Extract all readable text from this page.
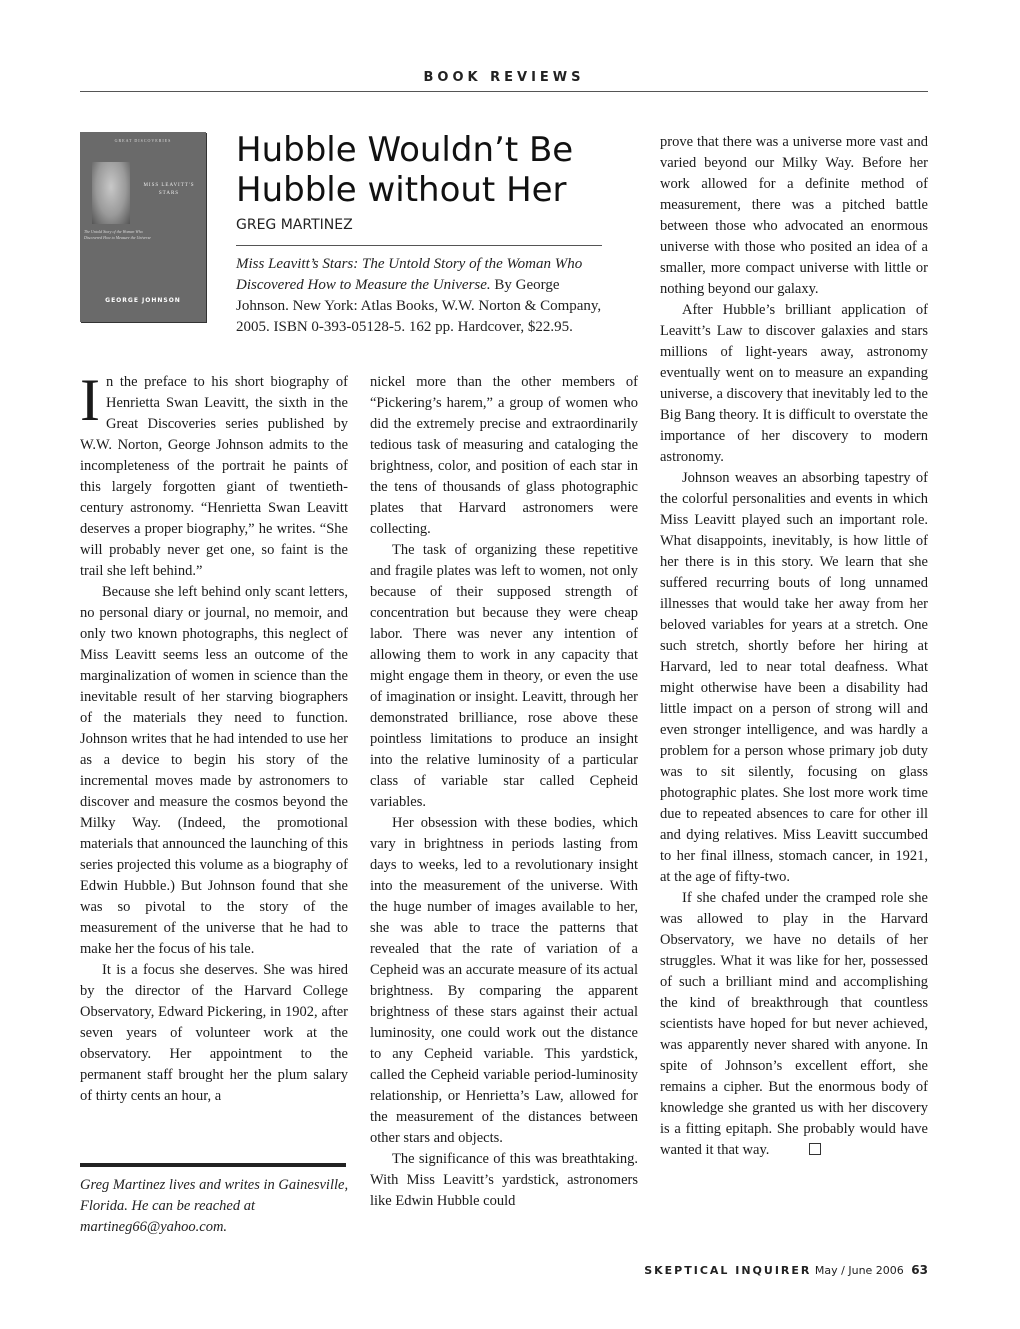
BOOK REVIEWS
GREAT DISCOVERIES
MISS LEAVITT'S STARS
The Untold Story of the Woman Who Discovered How to Measure the Universe
GEORGE JOHNSON
Hubble Wouldn’t Be Hubble without Her
GREG MARTINEZ
Miss Leavitt’s Stars: The Untold Story of the Woman Who Discovered How to Measure the Universe. By George Johnson. New York: Atlas Books, W.W. Norton & Company, 2005. ISBN 0-393-05128-5. 162 pp. Hardcover, $22.95.

In the preface to his short biography of Henrietta Swan Leavitt, the sixth in the Great Discoveries series published by W.W. Norton, George Johnson admits to the incompleteness of the portrait he paints of this largely forgotten giant of twentieth-century astronomy. “Henrietta Swan Leavitt deserves a proper biography,” he writes. “She will probably never get one, so faint is the trail she left behind.”

Because she left behind only scant letters, no personal diary or journal, no memoir, and only two known photographs, this neglect of Miss Leavitt seems less an outcome of the marginalization of women in science than the inevitable result of her starving biographers of the materials they need to function. Johnson writes that he had intended to use her as a device to begin his story of the incremental moves made by astronomers to discover and measure the cosmos beyond the Milky Way. (Indeed, the promotional materials that announced the launching of this series projected this volume as a biography of Edwin Hubble.) But Johnson found that she was so pivotal to the story of the measurement of the universe that he had to make her the focus of his tale.

It is a focus she deserves. She was hired by the director of the Harvard College Observatory, Edward Pickering, in 1902, after seven years of volunteer work at the observatory. Her appointment to the permanent staff brought her the plum salary of thirty cents an hour, a

Greg Martinez lives and writes in Gainesville, Florida. He can be reached at martineg66@yahoo.com.

nickel more than the other members of “Pickering’s harem,” a group of women who did the extremely precise and extraordinarily tedious task of measuring and cataloging the brightness, color, and position of each star in the tens of thousands of glass photographic plates that Harvard astronomers were collecting.

The task of organizing these repetitive and fragile plates was left to women, not only because of their supposed strength of concentration but because they were cheap labor. There was never any intention of allowing them to work in any capacity that might engage them in theory, or even the use of imagination or insight. Leavitt, through her demonstrated brilliance, rose above these pointless limitations to produce an insight into the relative luminosity of a particular class of variable star called Cepheid variables.

Her obsession with these bodies, which vary in brightness in periods lasting from days to weeks, led to a revolutionary insight into the measurement of the universe. With the huge number of images available to her, she was able to trace the patterns that revealed that the rate of variation of a Cepheid was an accurate measure of its actual brightness. By comparing the apparent brightness of these stars against their actual luminosity, one could work out the distance to any Cepheid variable. This yardstick, called the Cepheid variable period-luminosity relationship, or Henrietta’s Law, allowed for the measurement of the distances between other stars and objects.

The significance of this was breathtaking. With Miss Leavitt’s yardstick, astronomers like Edwin Hubble could

prove that there was a universe more vast and varied beyond our Milky Way. Before her work allowed for a definite method of measurement, there was a pitched battle between those who advocated an enormous universe with those who posited an idea of a smaller, more compact universe with little or nothing beyond our galaxy.

After Hubble’s brilliant application of Leavitt’s Law to discover galaxies and stars millions of light-years away, astronomy eventually went on to measure an expanding universe, a discovery that inevitably led to the Big Bang theory. It is difficult to overstate the importance of her discovery to modern astronomy.

Johnson weaves an absorbing tapestry of the colorful personalities and events in which Miss Leavitt played such an important role. What disappoints, inevitably, is how little of her there is in this story. We learn that she suffered recurring bouts of long unnamed illnesses that would take her away from her beloved variables for years at a stretch. One such stretch, shortly before her hiring at Harvard, led to near total deafness. What might otherwise have been a disability had little impact on a person of strong will and even stronger intelligence, and was hardly a problem for a person whose primary job duty was to sit silently, focusing on glass photographic plates. She lost more work time due to repeated absences to care for other ill and dying relatives. Miss Leavitt succumbed to her final illness, stomach cancer, in 1921, at the age of fifty-two.

If she chafed under the cramped role she was allowed to play in the Harvard Observatory, we have no details of her struggles. What it was like for her, possessed of such a brilliant mind and accomplishing the kind of breakthrough that countless scientists have hoped for but never achieved, was apparently never shared with anyone. In spite of Johnson’s excellent effort, she remains a cipher. But the enormous body of knowledge she granted us with her discovery is a fitting epitaph. She probably would have wanted it that way.

SKEPTICAL INQUIRER May / June 2006 63
